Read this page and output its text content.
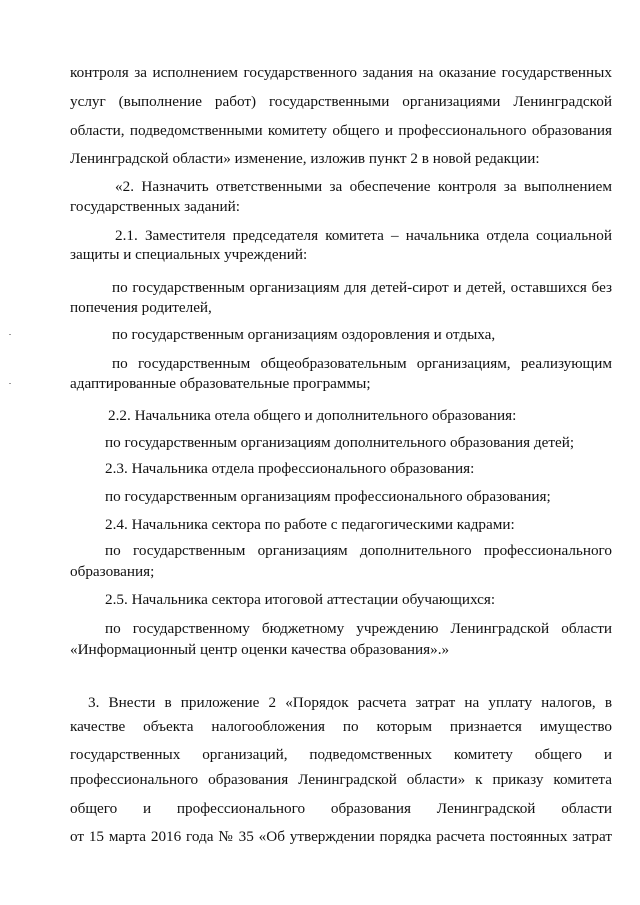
контроля за исполнением государственного задания на оказание государственных
услуг (выполнение работ) государственными организациями Ленинградской
области, подведомственными комитету общего и профессионального образования
Ленинградской области» изменение, изложив пункт 2 в новой редакции:
«2. Назначить ответственными за обеспечение контроля за выполнением
государственных заданий:
2.1. Заместителя председателя комитета – начальника отдела социальной
защиты и специальных учреждений:
по государственным организациям для детей-сирот и детей, оставшихся без
попечения родителей,
по государственным организациям оздоровления и отдыха,
по государственным общеобразовательным организациям, реализующим
адаптированные образовательные программы;
2.2. Начальника отела общего и дополнительного образования:
по государственным организациям дополнительного образования детей;
2.3. Начальника отдела профессионального образования:
по государственным организациям профессионального образования;
2.4. Начальника сектора по работе с педагогическими кадрами:
по государственным организациям дополнительного профессионального
образования;
2.5. Начальника сектора итоговой аттестации обучающихся:
по государственному бюджетному учреждению Ленинградской области
«Информационный центр оценки качества образования».»
3. Внести в приложение 2 «Порядок расчета затрат на уплату налогов, в
качестве объекта налогообложения по которым признается имущество
государственных организаций, подведомственных комитету общего и
профессионального образования Ленинградской области» к приказу комитета
общего и профессионального образования Ленинградской области
от 15 марта 2016 года № 35 «Об утверждении порядка расчета постоянных затрат
